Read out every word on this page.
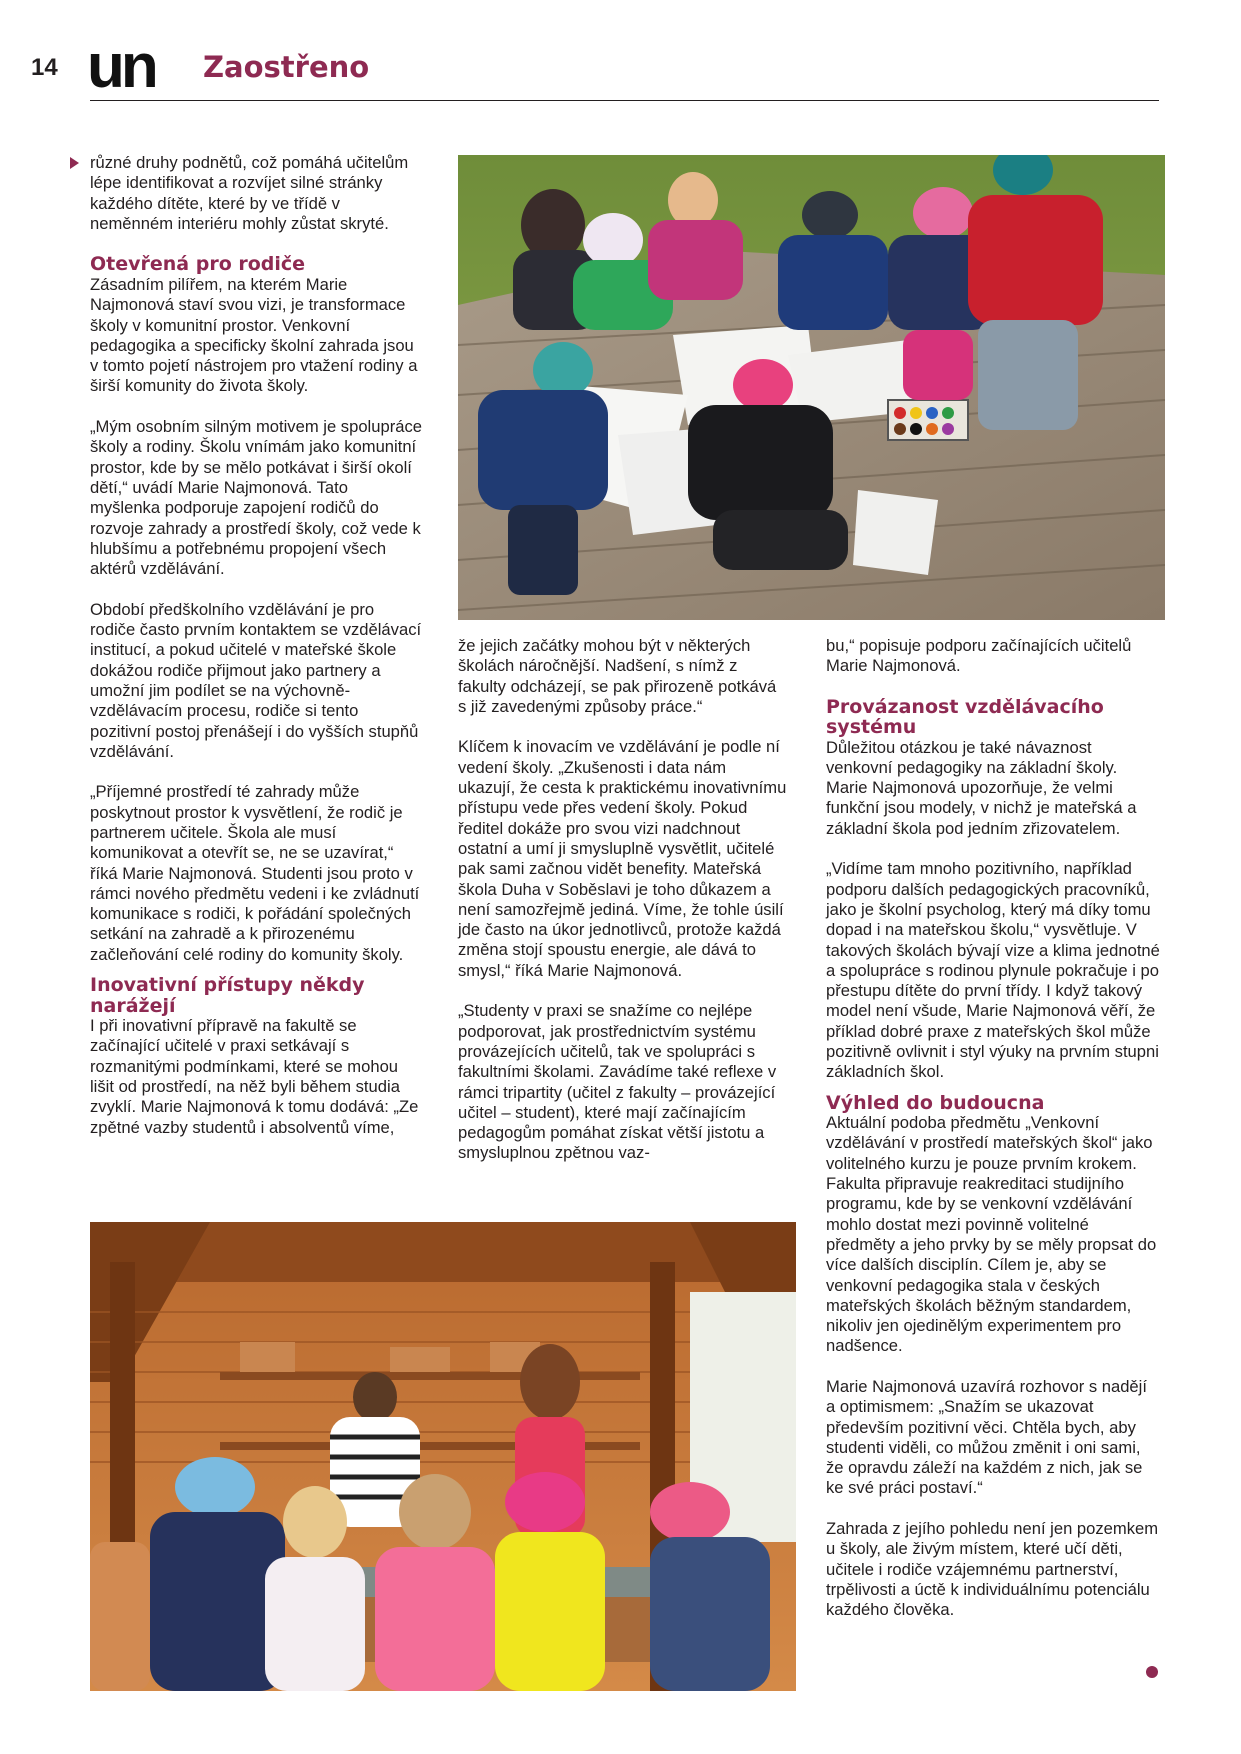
14 un Zaostřeno

různé druhy podnětů, což pomáhá učitelům lépe identifikovat a rozvíjet silné stránky každého dítěte, které by ve třídě v neměnném interiéru mohly zůstat skryté.

Otevřená pro rodiče

Zásadním pilířem, na kterém Marie Najmonová staví svou vizi, je transformace školy v komunitní prostor. Venkovní pedagogika a specificky školní zahrada jsou v tomto pojetí nástrojem pro vtažení rodiny a širší komunity do života školy.

„Mým osobním silným motivem je spolupráce školy a rodiny. Školu vnímám jako komunitní prostor, kde by se mělo potkávat i širší okolí dětí,“ uvádí Marie Najmonová. Tato myšlenka podporuje zapojení rodičů do rozvoje zahrady a prostředí školy, což vede k hlubšímu a potřebnému propojení všech aktérů vzdělávání.

Období předškolního vzdělávání je pro rodiče často prvním kontaktem se vzdělávací institucí, a pokud učitelé v mateřské škole dokážou rodiče přijmout jako partnery a umožní jim podílet se na výchovně-vzdělávacím procesu, rodiče si tento pozitivní postoj přenášejí i do vyšších stupňů vzdělávání.

„Příjemné prostředí té zahrady může poskytnout prostor k vysvětlení, že rodič je partnerem učitele. Škola ale musí komunikovat a otevřít se, ne se uzavírat,“ říká Marie Najmonová. Studenti jsou proto v rámci nového předmětu vedeni i ke zvládnutí komunikace s rodiči, k pořádání společných setkání na zahradě a k přirozenému začleňování celé rodiny do komunity školy.

Inovativní přístupy někdy narážejí

I při inovativní přípravě na fakultě se začínající učitelé v praxi setkávají s rozmanitými podmínkami, které se mohou lišit od prostředí, na něž byli během studia zvyklí. Marie Najmonová k tomu dodává: „Ze zpětné vazby studentů i absolventů víme,

že jejich začátky mohou být v některých školách náročnější. Nadšení, s nímž z fakulty odcházejí, se pak přirozeně potkává s již zavedenými způsoby práce.“

Klíčem k inovacím ve vzdělávání je podle ní vedení školy. „Zkušenosti i data nám ukazují, že cesta k praktickému inovativnímu přístupu vede přes vedení školy. Pokud ředitel dokáže pro svou vizi nadchnout ostatní a umí ji smysluplně vysvětlit, učitelé pak sami začnou vidět benefity. Mateřská škola Duha v Soběslavi je toho důkazem a není samozřejmě jediná. Víme, že tohle úsilí jde často na úkor jednotlivců, protože každá změna stojí spoustu energie, ale dává to smysl,“ říká Marie Najmonová.

„Studenty v praxi se snažíme co nejlépe podporovat, jak prostřednictvím systému provázejících učitelů, tak ve spolupráci s fakultními školami. Zavádíme také reflexe v rámci tripartity (učitel z fakulty – provázející učitel – student), které mají začínajícím pedagogům pomáhat získat větší jistotu a smysluplnou zpětnou vaz-

bu,“ popisuje podporu začínajících učitelů Marie Najmonová.

Provázanost vzdělávacího systému

Důležitou otázkou je také návaznost venkovní pedagogiky na základní školy. Marie Najmonová upozorňuje, že velmi funkční jsou modely, v nichž je mateřská a základní škola pod jedním zřizovatelem.

„Vidíme tam mnoho pozitivního, například podporu dalších pedagogických pracovníků, jako je školní psycholog, který má díky tomu dopad i na mateřskou školu,“ vysvětluje. V takových školách bývají vize a klima jednotné a spolupráce s rodinou plynule pokračuje i po přestupu dítěte do první třídy. I když takový model není všude, Marie Najmonová věří, že příklad dobré praxe z mateřských škol může pozitivně ovlivnit i styl výuky na prvním stupni základních škol.

Výhled do budoucna

Aktuální podoba předmětu „Venkovní vzdělávání v prostředí mateřských škol“ jako volitelného kurzu je pouze prvním krokem. Fakulta připravuje reakreditaci studijního programu, kde by se venkovní vzdělávání mohlo dostat mezi povinně volitelné předměty a jeho prvky by se měly propsat do více dalších disciplín. Cílem je, aby se venkovní pedagogika stala v českých mateřských školách běžným standardem, nikoliv jen ojedinělým experimentem pro nadšence.

Marie Najmonová uzavírá rozhovor s nadějí a optimismem: „Snažím se ukazovat především pozitivní věci. Chtěla bych, aby studenti viděli, co můžou změnit i oni sami, že opravdu záleží na každém z nich, jak se ke své práci postaví.“

Zahrada z jejího pohledu není jen pozemkem u školy, ale živým místem, které učí děti, učitele i rodiče vzájemnému partnerství, trpělivosti a úctě k individuálnímu potenciálu každého člověka.
